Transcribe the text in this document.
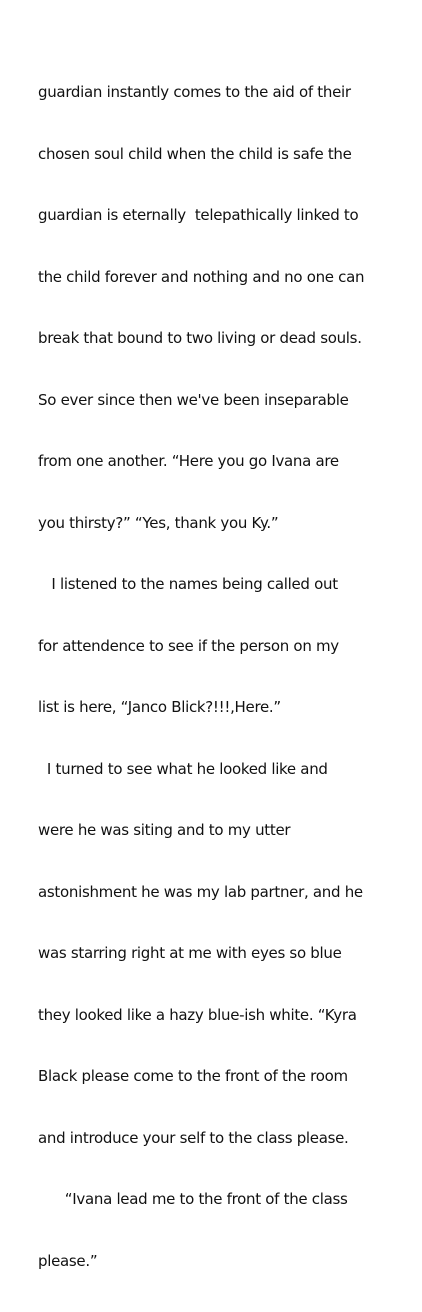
guardian instantly comes to the aid of their

chosen soul child when the child is safe the

guardian is eternally  telepathically linked to

the child forever and nothing and no one can

break that bound to two living or dead souls.

So ever since then we've been inseparable

from one another. “Here you go Ivana are

you thirsty?” “Yes, thank you Ky.”

I listened to the names being called out

for attendence to see if the person on my

list is here, “Janco Blick?!!!,Here.”

I turned to see what he looked like and

were he was siting and to my utter

astonishment he was my lab partner, and he

was starring right at me with eyes so blue

they looked like a hazy blue-ish white. “Kyra

Black please come to the front of the room

and introduce your self to the class please.

“Ivana lead me to the front of the class

please.”
